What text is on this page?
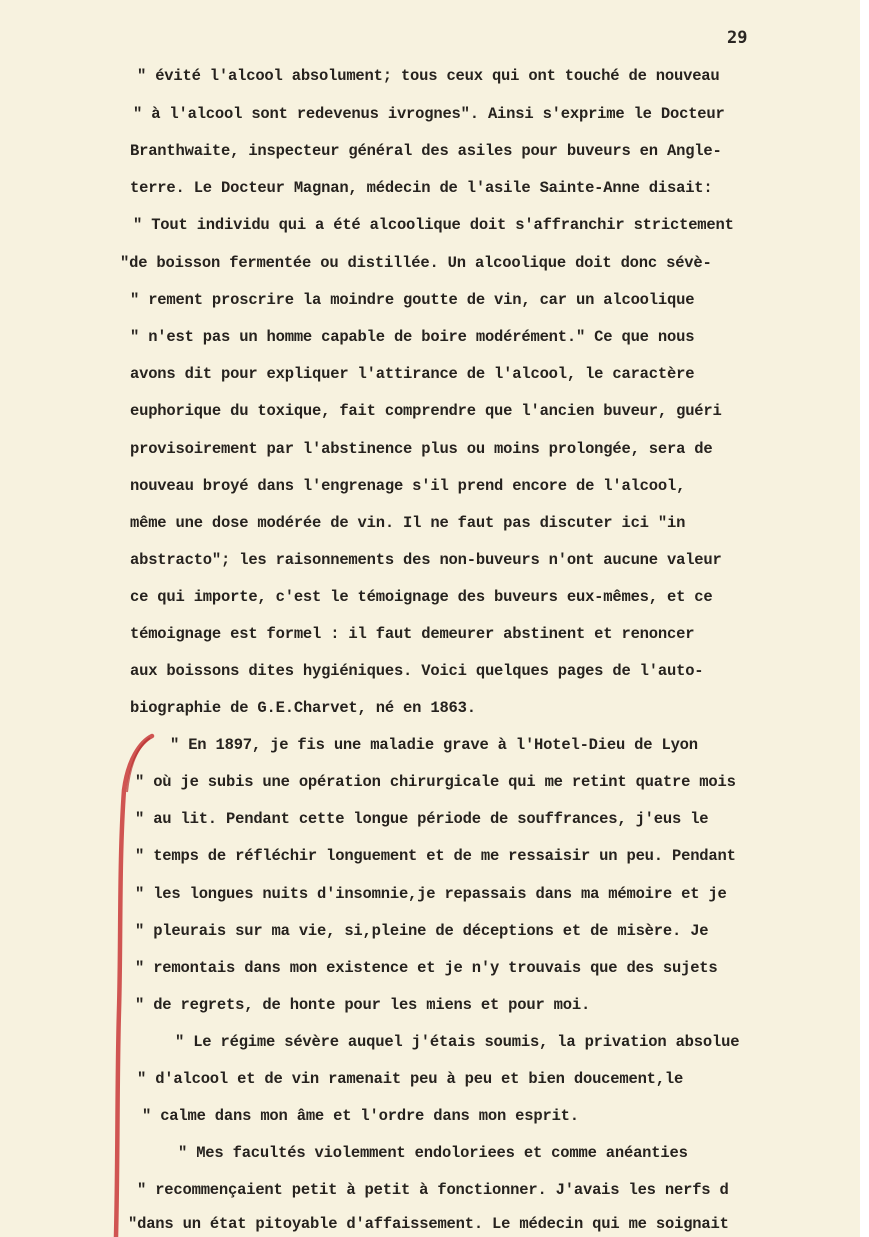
29
" évité l'alcool absolument; tous ceux qui ont touché de nouveau
" à l'alcool sont redevenus ivrognes". Ainsi s'exprime le Docteur
Branthwaite, inspecteur général des asiles pour buveurs en Angle-
terre. Le Docteur Magnan, médecin de l'asile Sainte-Anne disait:
" Tout individu qui a été alcoolique doit s'affranchir strictement
"de boisson fermentée ou distillée. Un alcoolique doit donc sévè-
" rement proscrire la moindre goutte de vin, car un alcoolique
" n'est pas un homme capable de boire modérément." Ce que nous
avons dit pour expliquer l'attirance de l'alcool, le caractère
euphorique du toxique, fait comprendre que l'ancien buveur, guéri
provisoirement par l'abstinence plus ou moins prolongée, sera de
nouveau broyé dans l'engrenage s'il prend encore de l'alcool,
même une dose modérée de vin. Il ne faut pas discuter ici "in
abstracto"; les raisonnements des non-buveurs n'ont aucune valeur
ce qui importe, c'est le témoignage des buveurs eux-mêmes, et ce
témoignage est formel : il faut demeurer abstinent et renoncer
aux boissons dites hygiéniques. Voici quelques pages de l'auto-
biographie de G.E.Charvet, né en 1863.
" En 1897, je fis une maladie grave à l'Hotel-Dieu de Lyon
" où je subis une opération chirurgicale qui me retint quatre mois
" au lit. Pendant cette longue période de souffrances, j'eus le
" temps de réfléchir longuement et de me ressaisir un peu. Pendant
" les longues nuits d'insomnie,je repassais dans ma mémoire et je
" pleurais sur ma vie, si,pleine de déceptions et de misère. Je
" remontais dans mon existence et je n'y trouvais que des sujets
" de regrets, de honte pour les miens et pour moi.
" Le régime sévère auquel j'étais soumis, la privation absolue
" d'alcool et de vin ramenait peu à peu et bien doucement,le
" calme dans mon âme et l'ordre dans mon esprit.
" Mes facultés violemment endoloriees et comme anéanties
" recommençaient petit à petit à fonctionner. J'avais les nerfs d
"dans un état pitoyable d'affaissement. Le médecin qui me soignait
